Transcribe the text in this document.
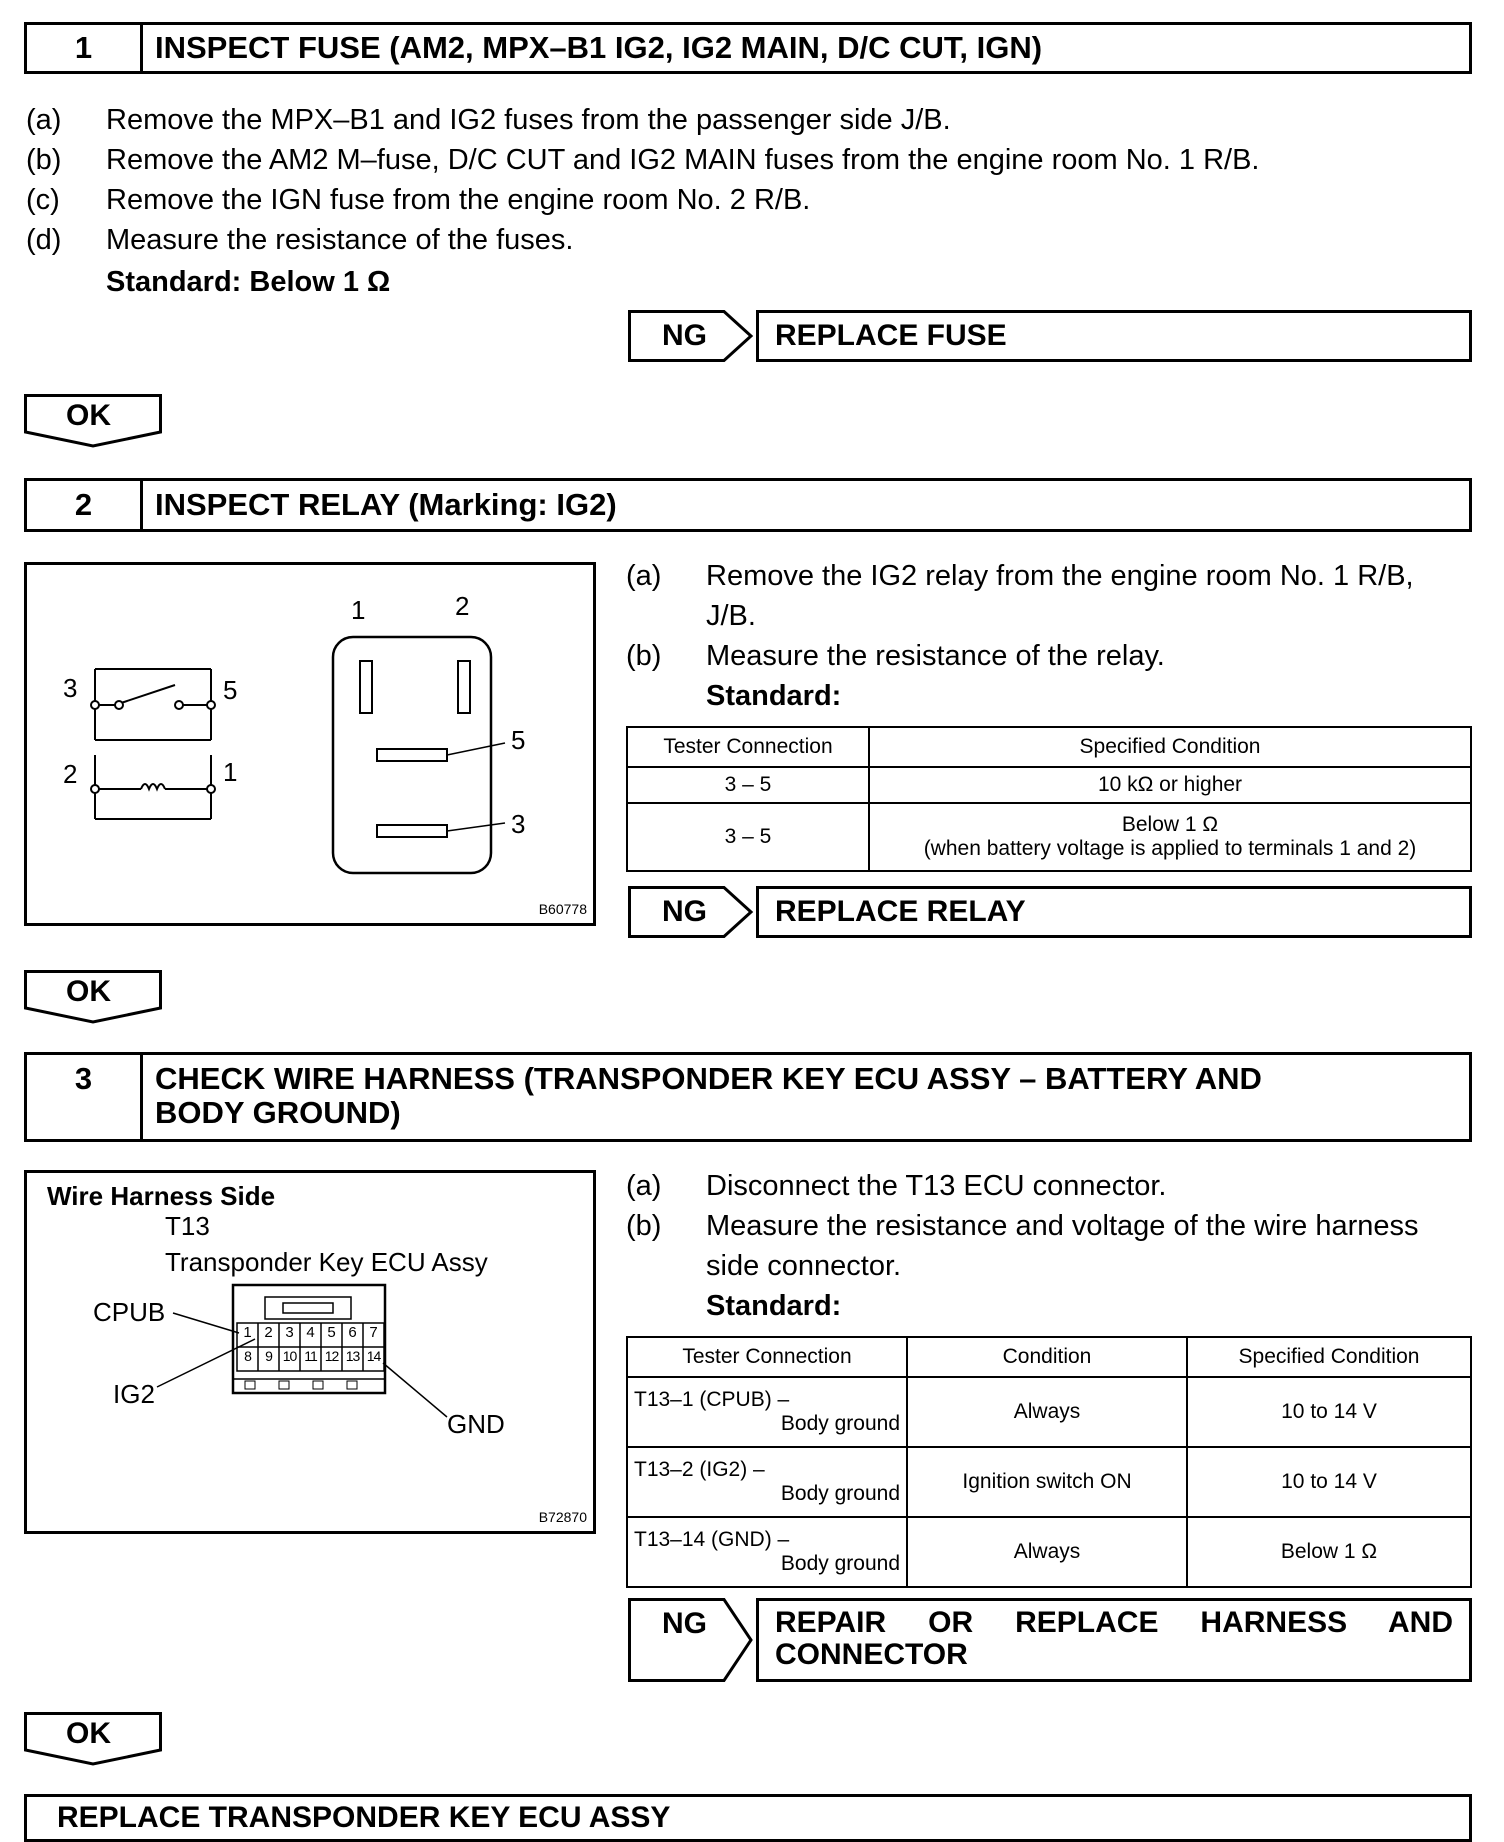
1	INSPECT FUSE (AM2, MPX–B1 IG2, IG2 MAIN, D/C CUT, IGN)
(a) Remove the MPX–B1 and IG2 fuses from the passenger side J/B.
(b) Remove the AM2 M–fuse, D/C CUT and IG2 MAIN fuses from the engine room No. 1 R/B.
(c) Remove the IGN fuse from the engine room No. 2 R/B.
(d) Measure the resistance of the fuses.
Standard: Below 1 Ω
NG	REPLACE FUSE
OK
2	INSPECT RELAY (Marking: IG2)
3	5
2	1
1	2
5
3
B60778
(a) Remove the IG2 relay from the engine room No. 1 R/B,
J/B.
(b) Measure the resistance of the relay.
Standard:
Tester Connection	Specified Condition
3 – 5	10 kΩ or higher
3 – 5	Below 1 Ω
(when battery voltage is applied to terminals 1 and 2)
NG	REPLACE RELAY
OK
3	CHECK WIRE HARNESS (TRANSPONDER KEY ECU ASSY – BATTERY AND
BODY GROUND)
Wire Harness Side
T13
Transponder Key ECU Assy
CPUB
IG2
GND
1 2 3 4 5 6 7
8	9 10 11 12 13 14
B72870
(a) Disconnect the T13 ECU connector.
(b) Measure the resistance and voltage of the wire harness
side connector.
Standard:
Tester Connection	Condition	Specified Condition

T13–1 (CPUB) –
Body ground	Always	10 to 14 V

T13–2 (IG2) –
Body ground	Ignition switch ON	10 to 14 V

T13–14 (GND) –
Body ground	Always	Below 1 Ω
NG REPAIR OR REPLACE HARNESS AND
CONNECTOR
OK
REPLACE TRANSPONDER KEY ECU ASSY
